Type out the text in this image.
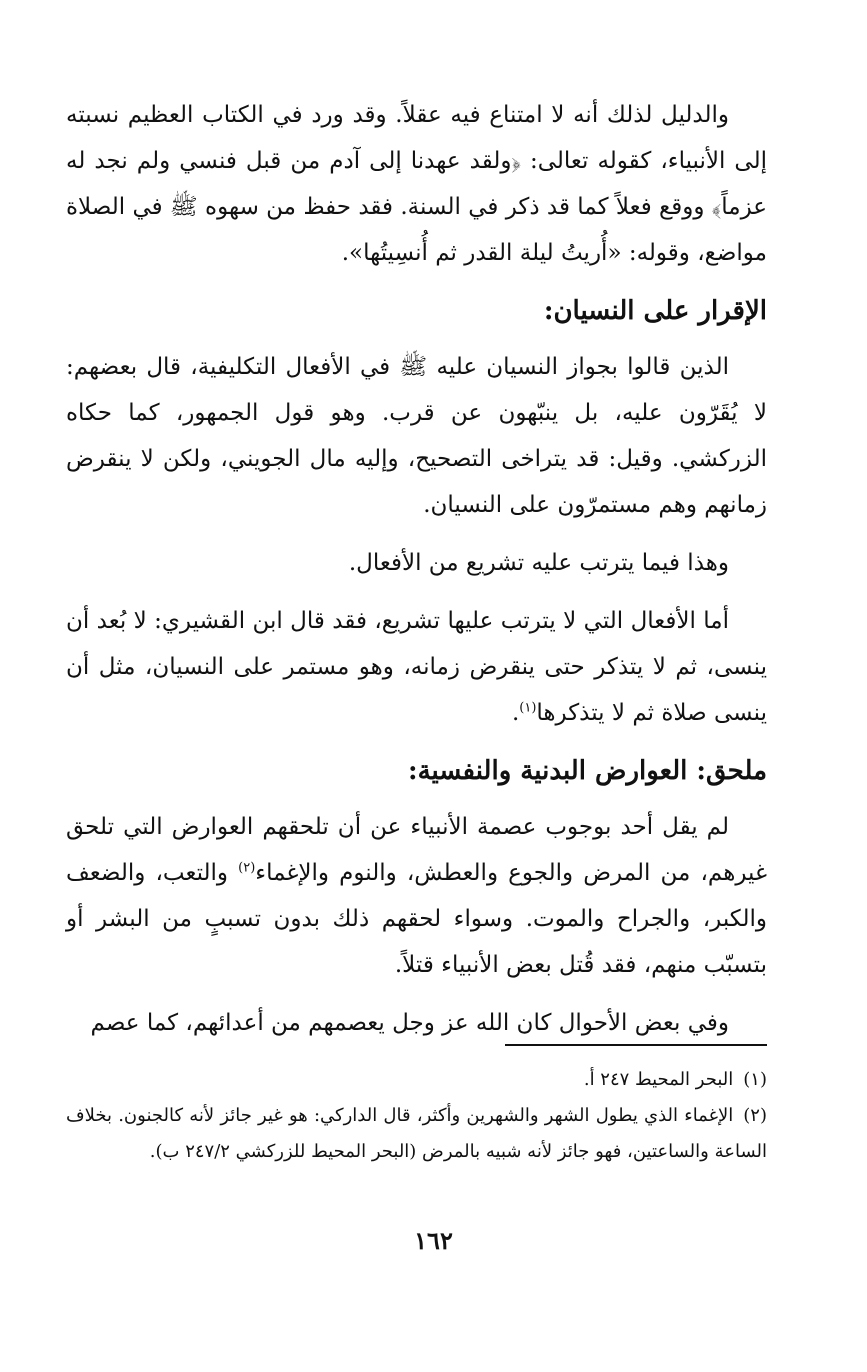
والدليل لذلك أنه لا امتناع فيه عقلاً. وقد ورد في الكتاب العظيم نسبته إلى الأنبياء، كقوله تعالى: ﴿ولقد عهدنا إلى آدم من قبل فنسي ولم نجد له عزماً﴾ ووقع فعلاً كما قد ذكر في السنة. فقد حفظ من سهوه ﷺ في الصلاة مواضع، وقوله: «أُريتُ ليلة القدر ثم أُنسِيتُها».

الإقرار على النسيان:

الذين قالوا بجواز النسيان عليه ﷺ في الأفعال التكليفية، قال بعضهم: لا يُقَرّون عليه، بل ينبّهون عن قرب. وهو قول الجمهور، كما حكاه الزركشي. وقيل: قد يتراخى التصحيح، وإليه مال الجويني، ولكن لا ينقرض زمانهم وهم مستمرّون على النسيان.

وهذا فيما يترتب عليه تشريع من الأفعال.

أما الأفعال التي لا يترتب عليها تشريع، فقد قال ابن القشيري: لا بُعد أن ينسى، ثم لا يتذكر حتى ينقرض زمانه، وهو مستمر على النسيان، مثل أن ينسى صلاة ثم لا يتذكرها$^{(١)}$.

ملحق: العوارض البدنية والنفسية:

لم يقل أحد بوجوب عصمة الأنبياء عن أن تلحقهم العوارض التي تلحق غيرهم، من المرض والجوع والعطش، والنوم والإغماء$^{(٢)}$ والتعب، والضعف والكبر، والجراح والموت. وسواء لحقهم ذلك بدون تسببٍ من البشر أو بتسبّب منهم، فقد قُتل بعض الأنبياء قتلاً.

وفي بعض الأحوال كان الله عز وجل يعصمهم من أعدائهم، كما عصم

(١)البحر المحيط ٢٤٧ أ.

(٢)الإغماء الذي يطول الشهر والشهرين وأكثر، قال الداركي: هو غير جائز لأنه كالجنون. بخلاف الساعة والساعتين، فهو جائز لأنه شبيه بالمرض (البحر المحيط للزركشي ٢٤٧/٢ ب).

١٦٢
